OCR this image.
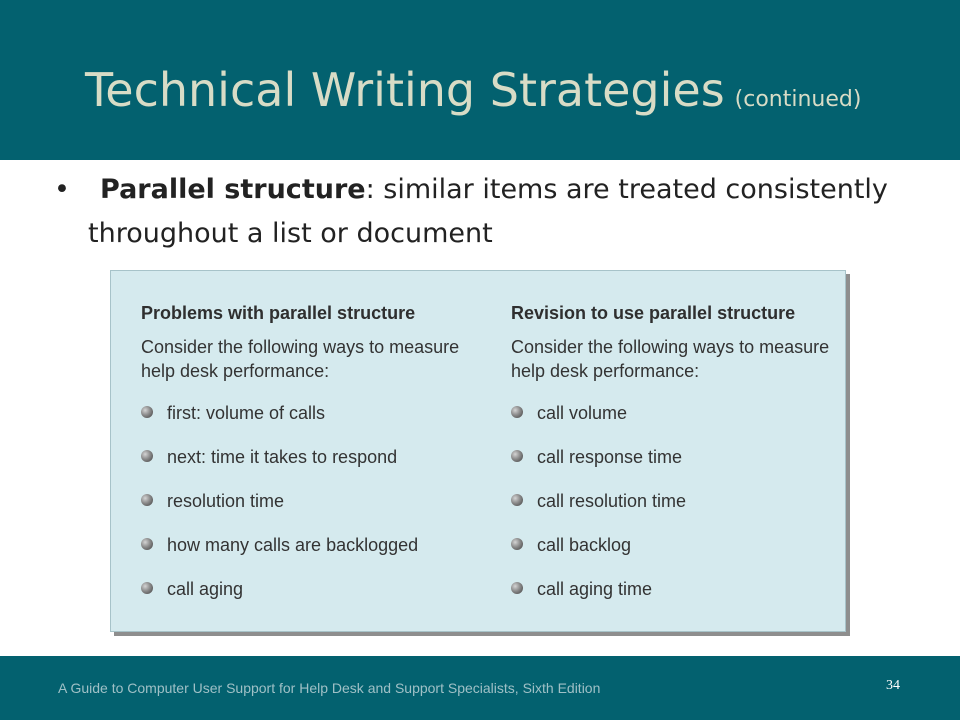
Technical Writing Strategies (continued)
•	Parallel structure: similar items are treated consistently throughout a list or document
Problems with parallel structure

Consider the following ways to measure help desk performance:

first: volume of calls
next: time it takes to respond
resolution time
how many calls are backlogged
call aging
Revision to use parallel structure

Consider the following ways to measure help desk performance:

call volume
call response time
call resolution time
call backlog
call aging time
A Guide to Computer User Support for Help Desk and Support Specialists, Sixth Edition	34
